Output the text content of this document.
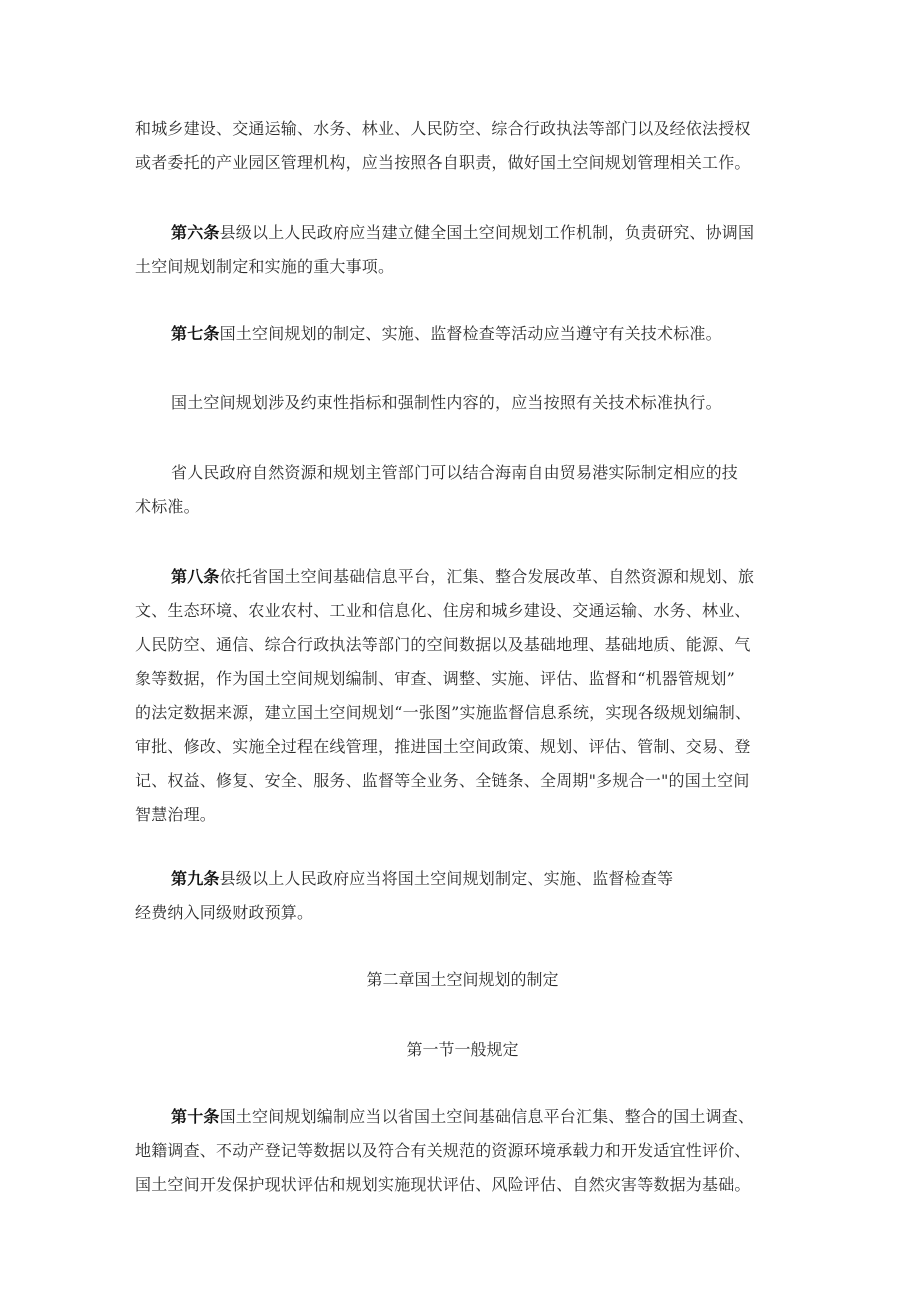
和城乡建设、交通运输、水务、林业、人民防空、综合行政执法等部门以及经依法授权
或者委托的产业园区管理机构，应当按照各自职责，做好国土空间规划管理相关工作。
第六条县级以上人民政府应当建立健全国土空间规划工作机制，负责研究、协调国
土空间规划制定和实施的重大事项。
第七条国土空间规划的制定、实施、监督检查等活动应当遵守有关技术标准。
国土空间规划涉及约束性指标和强制性内容的，应当按照有关技术标准执行。
省人民政府自然资源和规划主管部门可以结合海南自由贸易港实际制定相应的技
术标准。
第八条依托省国土空间基础信息平台，汇集、整合发展改革、自然资源和规划、旅
文、生态环境、农业农村、工业和信息化、住房和城乡建设、交通运输、水务、林业、
人民防空、通信、综合行政执法等部门的空间数据以及基础地理、基础地质、能源、气
象等数据，作为国土空间规划编制、审查、调整、实施、评估、监督和“机器管规划”
的法定数据来源，建立国土空间规划“一张图”实施监督信息系统，实现各级规划编制、
审批、修改、实施全过程在线管理，推进国土空间政策、规划、评估、管制、交易、登
记、权益、修复、安全、服务、监督等全业务、全链条、全周期"多规合一"的国土空间
智慧治理。
第九条县级以上人民政府应当将国土空间规划制定、实施、监督检查等
经费纳入同级财政预算。
第二章国土空间规划的制定
第一节一般规定
第十条国土空间规划编制应当以省国土空间基础信息平台汇集、整合的国土调查、
地籍调查、不动产登记等数据以及符合有关规范的资源环境承载力和开发适宜性评价、
国土空间开发保护现状评估和规划实施现状评估、风险评估、自然灾害等数据为基础。
